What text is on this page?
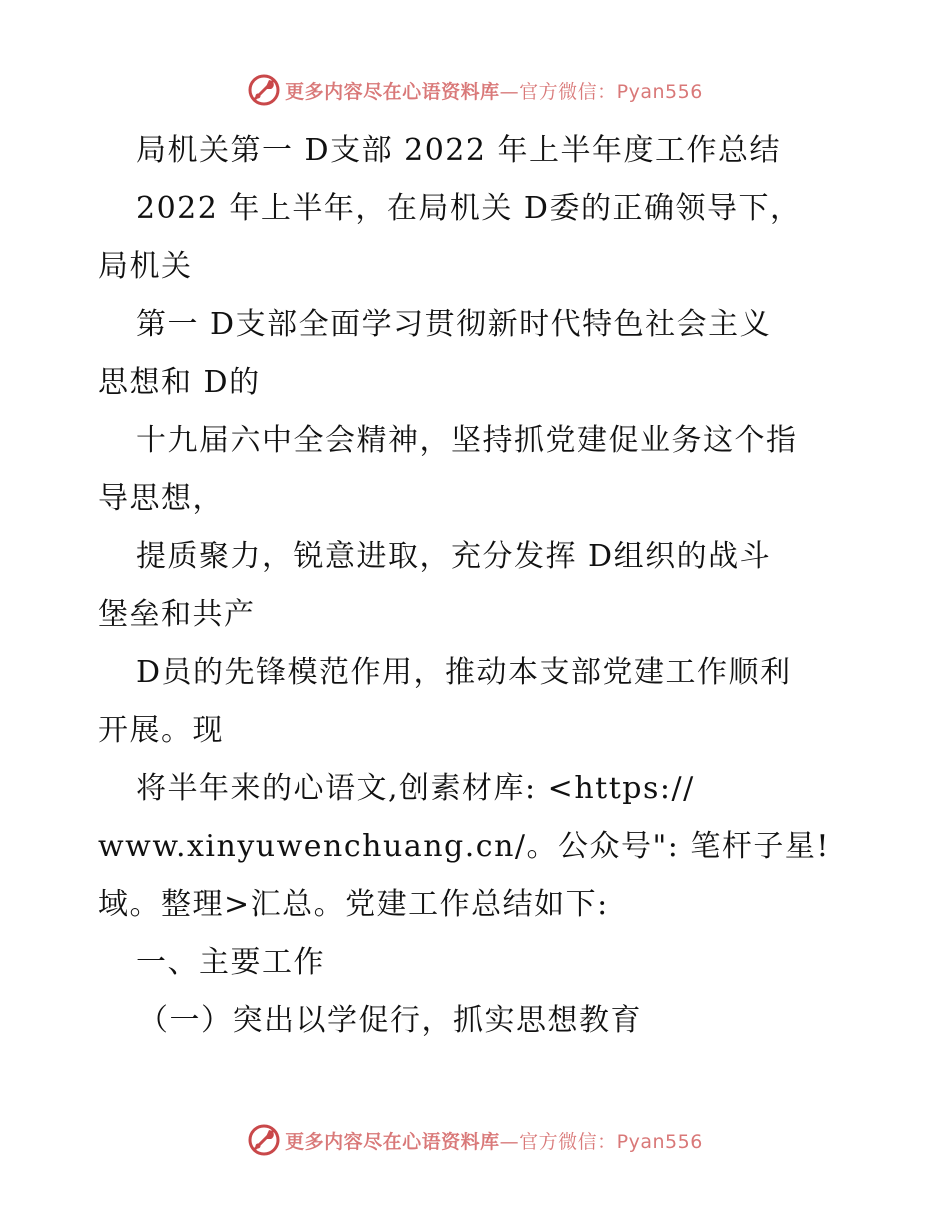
更多内容尽在心语资料库—官方微信：Pyan556
局机关第一 D支部 2022 年上半年度工作总结
2022 年上半年，在局机关 D委的正确领导下，
局机关
第一 D支部全面学习贯彻新时代特色社会主义
思想和 D的
十九届六中全会精神，坚持抓党建促业务这个指
导思想，
提质聚力，锐意进取，充分发挥 D组织的战斗
堡垒和共产
D员的先锋模范作用，推动本支部党建工作顺利
开展。现
将半年来的心语文,创素材库: <https://
www.xinyuwenchuang.cn/。公众号": 笔杆子星!
域。整理>汇总。党建工作总结如下:
一、主要工作
（一）突出以学促行，抓实思想教育
更多内容尽在心语资料库—官方微信：Pyan556
